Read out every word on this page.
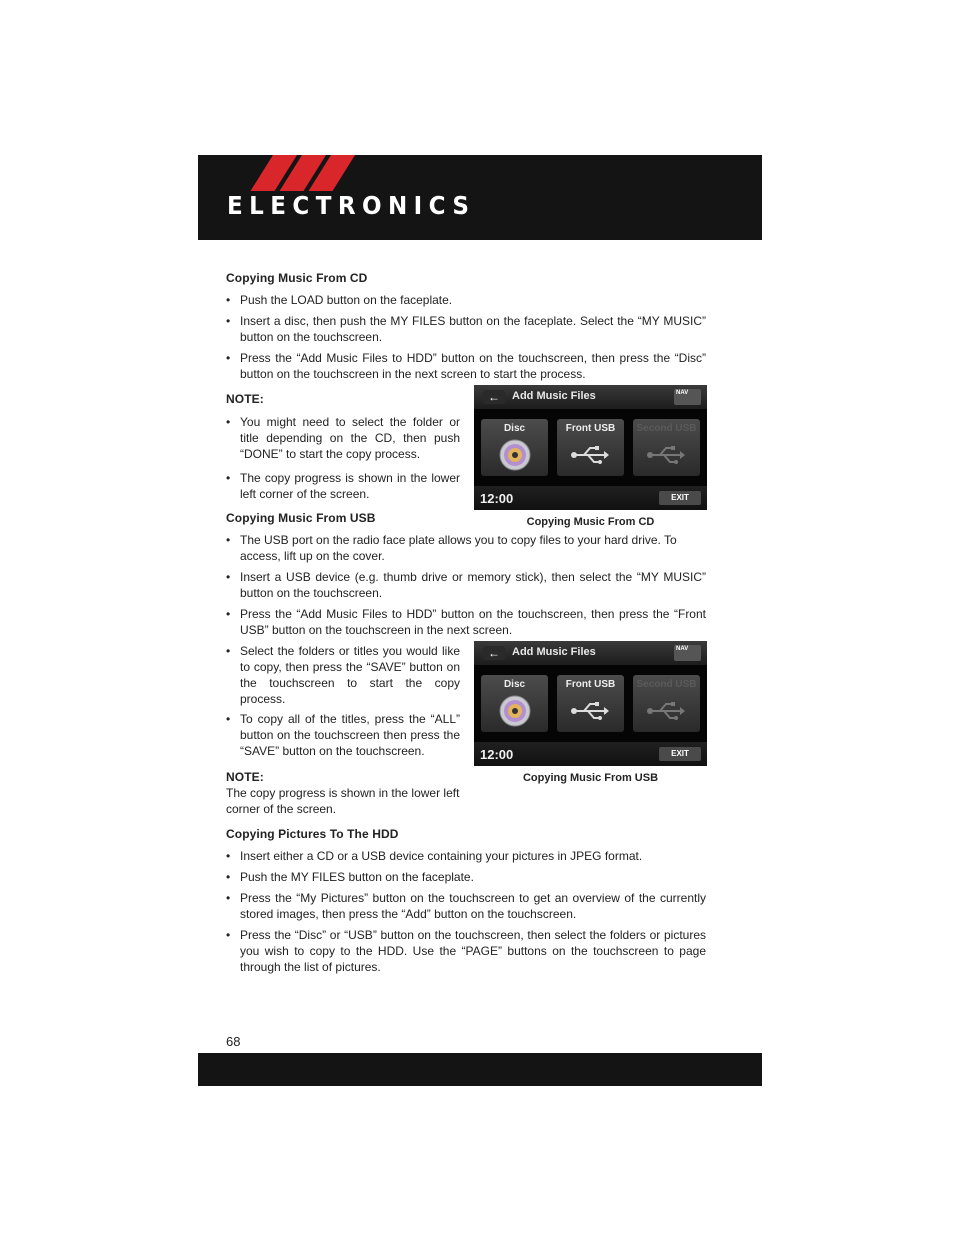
ELECTRONICS
Copying Music From CD
• Push the LOAD button on the faceplate.
• Insert a disc, then push the MY FILES button on the faceplate. Select the “MY MUSIC” button on the touchscreen.
• Press the “Add Music Files to HDD” button on the touchscreen, then press the “Disc” button on the touchscreen in the next screen to start the process.
NOTE:
• You might need to select the folder or title depending on the CD, then push “DONE” to start the copy process.
• The copy progress is shown in the lower left corner of the screen.
Copying Music From USB
• The USB port on the radio face plate allows you to copy files to your hard drive. To access, lift up on the cover.
• Insert a USB device (e.g. thumb drive or memory stick), then select the “MY MUSIC” button on the touchscreen.
• Press the “Add Music Files to HDD” button on the touchscreen, then press the “Front USB” button on the touchscreen in the next screen.
• Select the folders or titles you would like to copy, then press the “SAVE” button on the touchscreen to start the copy process.
• To copy all of the titles, press the “ALL” button on the touchscreen then press the “SAVE” button on the touchscreen.
NOTE:
The copy progress is shown in the lower left corner of the screen.
Copying Pictures To The HDD
• Insert either a CD or a USB device containing your pictures in JPEG format.
• Push the MY FILES button on the faceplate.
• Press the “My Pictures” button on the touchscreen to get an overview of the currently stored images, then press the “Add” button on the touchscreen.
• Press the “Disc” or “USB” button on the touchscreen, then select the folders or pictures you wish to copy to the HDD. Use the “PAGE” buttons on the touchscreen to page through the list of pictures.
←	Add Music Files	NAV
Disc	Front USB	Second USB
12:00	EXIT
Copying Music From CD
←	Add Music Files	NAV
Disc	Front USB	Second USB
12:00	EXIT
Copying Music From USB
68
